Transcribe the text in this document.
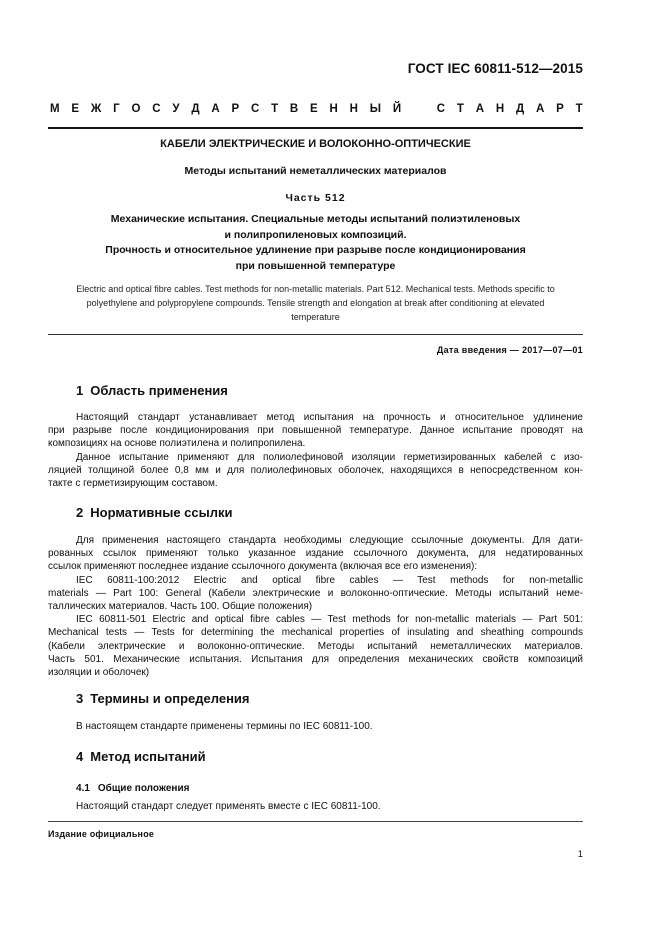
ГОСТ IEC 60811-512—2015
М Е Ж Г О С У Д А Р С Т В Е Н Н Ы Й	С Т А Н Д А Р Т
КАБЕЛИ ЭЛЕКТРИЧЕСКИЕ И ВОЛОКОННО-ОПТИЧЕСКИЕ
Методы испытаний неметаллических материалов
Часть 512
Механические испытания. Специальные методы испытаний полиэтиленовых
и полипропиленовых композиций.
Прочность и относительное удлинение при разрыве после кондиционирования
при повышенной температуре
Electric and optical fibre cables. Test methods for non-metallic materials. Part 512. Mechanical tests. Methods specific to
polyethylene and polypropylene compounds. Tensile strength and elongation at break after conditioning at elevated
temperature
Дата введения — 2017—07—01
1 Область применения
Настоящий стандарт устанавливает метод испытания на прочность и относительное удлинение
при разрыве после кондиционирования при повышенной температуре. Данное испытание проводят на
композициях на основе полиэтилена и полипропилена.
Данное испытание применяют для полиолефиновой изоляции герметизированных кабелей с изо-
ляцией толщиной более 0,8 мм и для полиолефиновых оболочек, находящихся в непосредственном кон-
такте с герметизирующим составом.
2 Нормативные ссылки
Для применения настоящего стандарта необходимы следующие ссылочные документы. Для дати-
рованных ссылок применяют только указанное издание ссылочного документа, для недатированных
ссылок применяют последнее издание ссылочного документа (включая все его изменения):
IEC 60811-100:2012 Electric and optical fibre cables — Test methods for non-metallic
materials — Part 100: General (Кабели электрические и волоконно-оптические. Методы испытаний неме-
таллических материалов. Часть 100. Общие положения)
IEC 60811-501 Electric and optical fibre cables — Test methods for non-metallic materials — Part 501:
Mechanical tests — Tests for determining the mechanical properties of insulating and sheathing compounds
(Кабели электрические и волоконно-оптические. Методы испытаний неметаллических материалов.
Часть 501. Механические испытания. Испытания для определения механических свойств композиций
изоляции и оболочек)
3 Термины и определения
В настоящем стандарте применены термины по IEC 60811-100.
4 Метод испытаний
4.1 Общие положения
Настоящий стандарт следует применять вместе с IEC 60811-100.
Издание официальное
1
